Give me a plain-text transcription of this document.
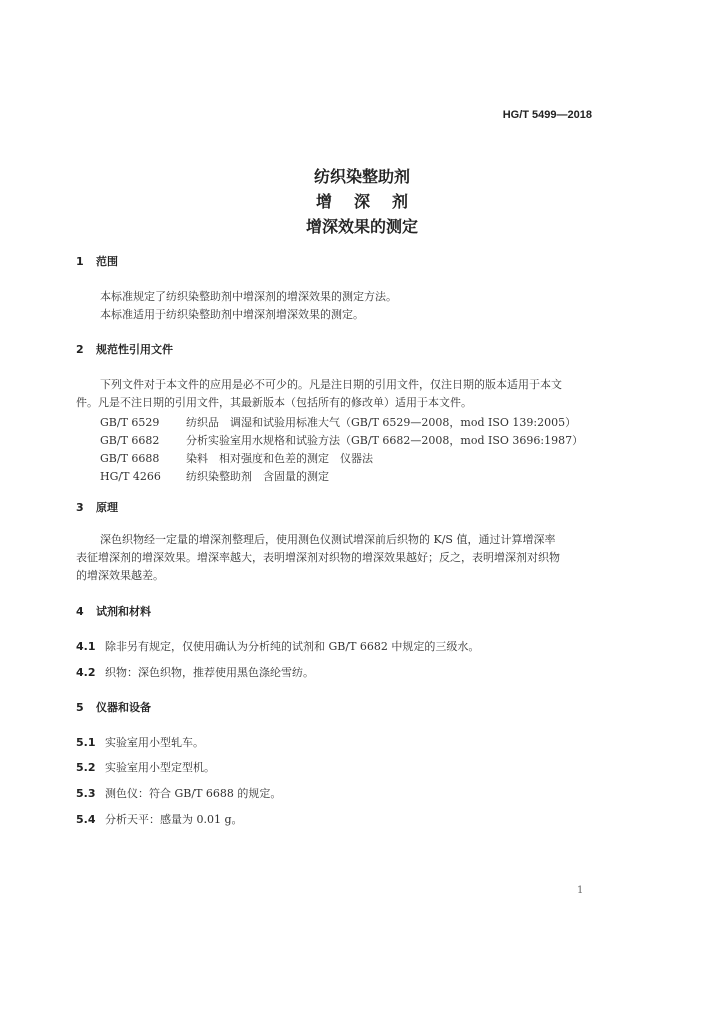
HG/T 5499—2018
纺织染整助剂
增深剂
增深效果的测定
1 范围
本标准规定了纺织染整助剂中增深剂的增深效果的测定方法。
本标准适用于纺织染整助剂中增深剂增深效果的测定。
2 规范性引用文件
下列文件对于本文件的应用是必不可少的。凡是注日期的引用文件，仅注日期的版本适用于本文
件。凡是不注日期的引用文件，其最新版本（包括所有的修改单）适用于本文件。
GB/T 6529 纺织品　调湿和试验用标准大气（GB/T 6529—2008，mod ISO 139:2005）
GB/T 6682 分析实验室用水规格和试验方法（GB/T 6682—2008，mod ISO 3696:1987）
GB/T 6688 染料　相对强度和色差的测定　仪器法
HG/T 4266 纺织染整助剂　含固量的测定
3 原理
深色织物经一定量的增深剂整理后，使用测色仪测试增深前后织物的 K/S 值，通过计算增深率
表征增深剂的增深效果。增深率越大，表明增深剂对织物的增深效果越好；反之，表明增深剂对织物
的增深效果越差。
4 试剂和材料
4.1 除非另有规定，仅使用确认为分析纯的试剂和 GB/T 6682 中规定的三级水。
4.2 织物：深色织物，推荐使用黑色涤纶雪纺。
5 仪器和设备
5.1 实验室用小型轧车。
5.2 实验室用小型定型机。
5.3 测色仪：符合 GB/T 6688 的规定。
5.4 分析天平：感量为 0.01 g。
1
